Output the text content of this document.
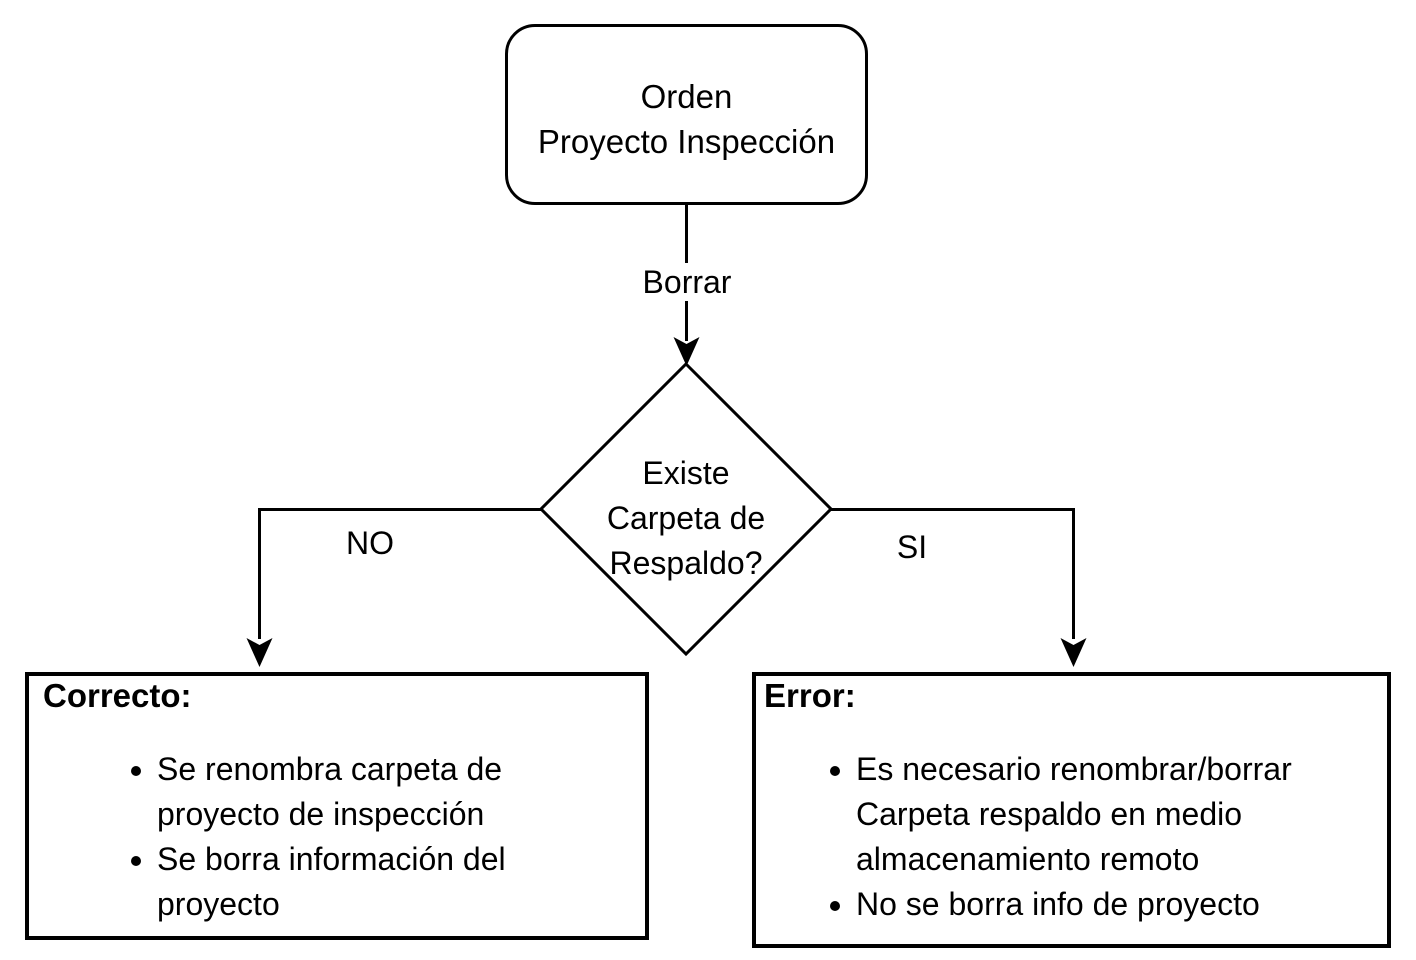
Orden
Proyecto Inspección
Borrar
Existe
Carpeta de
Respaldo?
NO	SI
Correcto:
• Se renombra carpeta de
proyecto de inspección
• Se borra información del
proyecto
Error:
• Es necesario renombrar/borrar
Carpeta respaldo en medio
almacenamiento remoto
• No se borra info de proyecto
